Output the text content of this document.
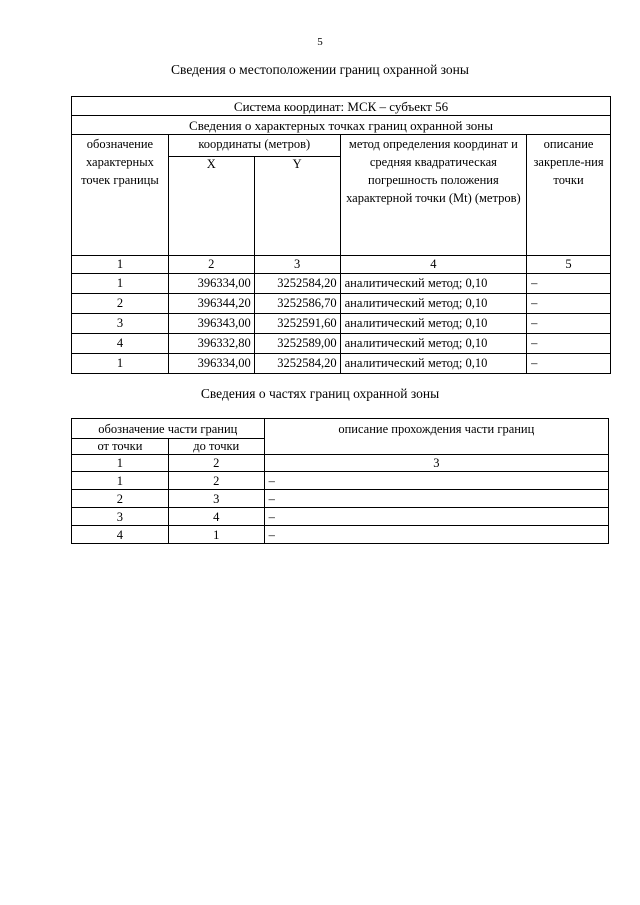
5
Сведения о местоположении границ охранной зоны
Система координат: МСК – субъект 56				
Сведения о характерных точках границ охранной зоны				
обозначение характерных точек границы	координаты (метров)		метод определения координат и средняя квадратическая погрешность положения характерной точки (Mt) (метров)	описание закрепле-ния точки
	X	Y		
1	2	3	4	5
1	396334,00	3252584,20	аналитический метод; 0,10	–
2	396344,20	3252586,70	аналитический метод; 0,10	–
3	396343,00	3252591,60	аналитический метод; 0,10	–
4	396332,80	3252589,00	аналитический метод; 0,10	–
1	396334,00	3252584,20	аналитический метод; 0,10	–
Сведения о частях границ охранной зоны
обозначение части границ		описание прохождения части границ
от точки	до точки	
1	2	3
1	2	–
2	3	–
3	4	–
4	1	–
